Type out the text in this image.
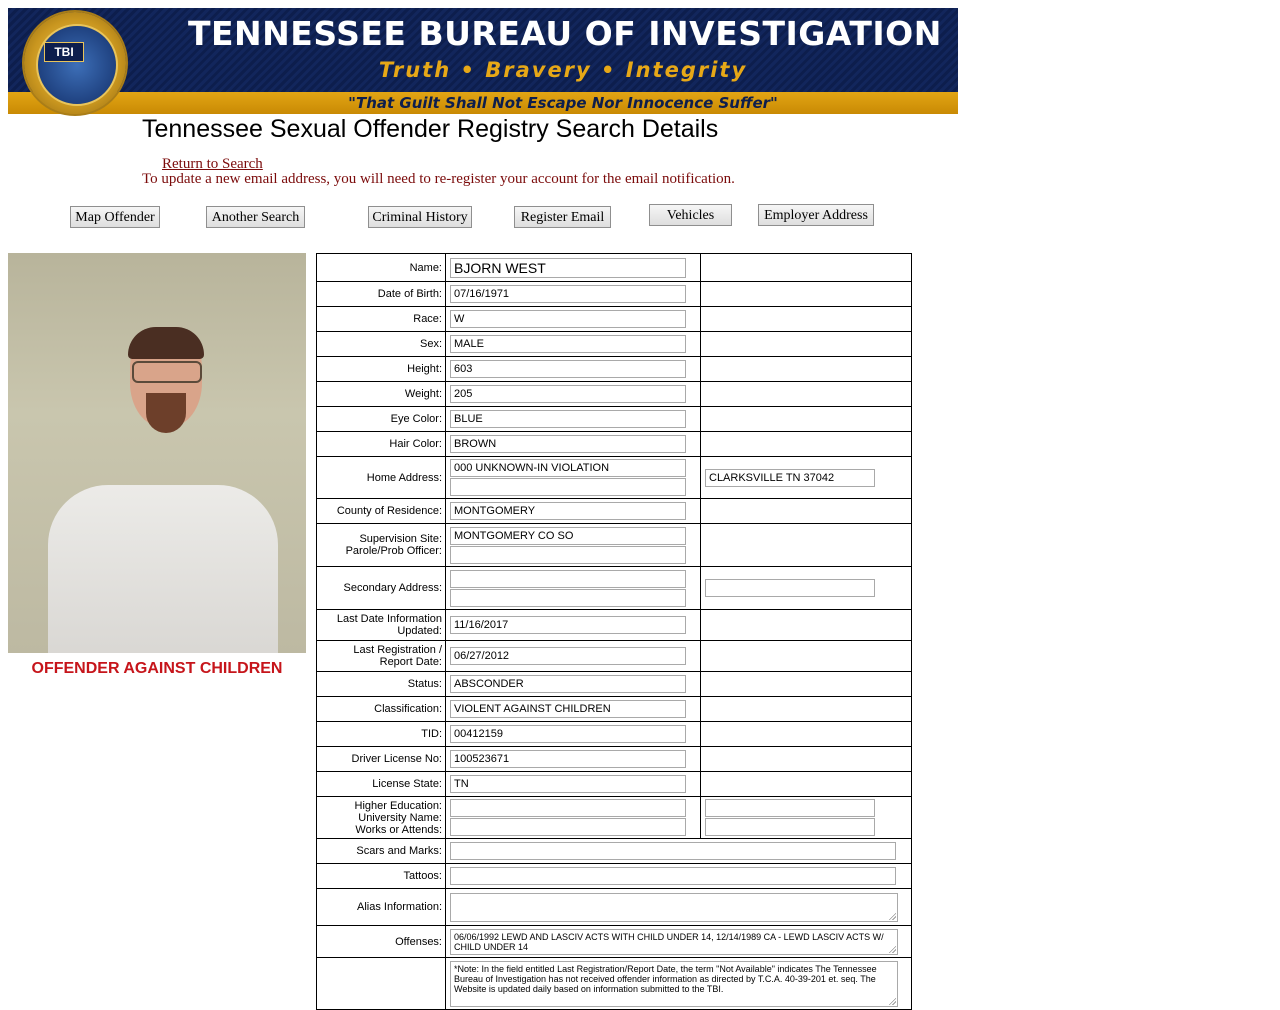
TENNESSEE BUREAU OF INVESTIGATION
Truth • Bravery • Integrity
"That Guilt Shall Not Escape Nor Innocence Suffer"
TBI
Tennessee Sexual Offender Registry Search Details
Return to Search
To update a new email address, you will need to re-register your account for the email notification.
Map Offender	Another Search	Criminal History	Register Email	Vehicles	Employer Address
OFFENDER AGAINST CHILDREN
Name:	BJORN WEST	

Date of Birth:	07/16/1971	

Race:	W	

Sex:	MALE	

Height:	603	

Weight:	205	

Eye Color:	BLUE	

Hair Color:	BROWN	

Home Address:	000 UNKNOWN-IN VIOLATION	CLARKSVILLE TN 37042

County of Residence:	MONTGOMERY	

Supervision Site:
Parole/Prob Officer:	MONTGOMERY CO SO	

Secondary Address:	

Last Date Information
Updated:	11/16/2017	

Last Registration /
Report Date:	06/27/2012	

Status:	ABSCONDER	

Classification:	VIOLENT AGAINST CHILDREN	

TID:	00412159	

Driver License No:	100523671	

License State:	TN	

Higher Education:
University Name:
Works or Attends:	

Scars and Marks:		

Tattoos:		

Alias Information:		

Offenses:	06/06/1992 LEWD AND LASCIV ACTS WITH CHILD UNDER 14, 12/14/1989 CA - LEWD LASCIV ACTS W/ CHILD UNDER 14	

	*Note: In the field entitled Last Registration/Report Date, the term "Not Available" indicates The Tennessee Bureau of Investigation has not received offender information as directed by T.C.A. 40-39-201 et. seq. The Website is updated daily based on information submitted to the TBI.	
